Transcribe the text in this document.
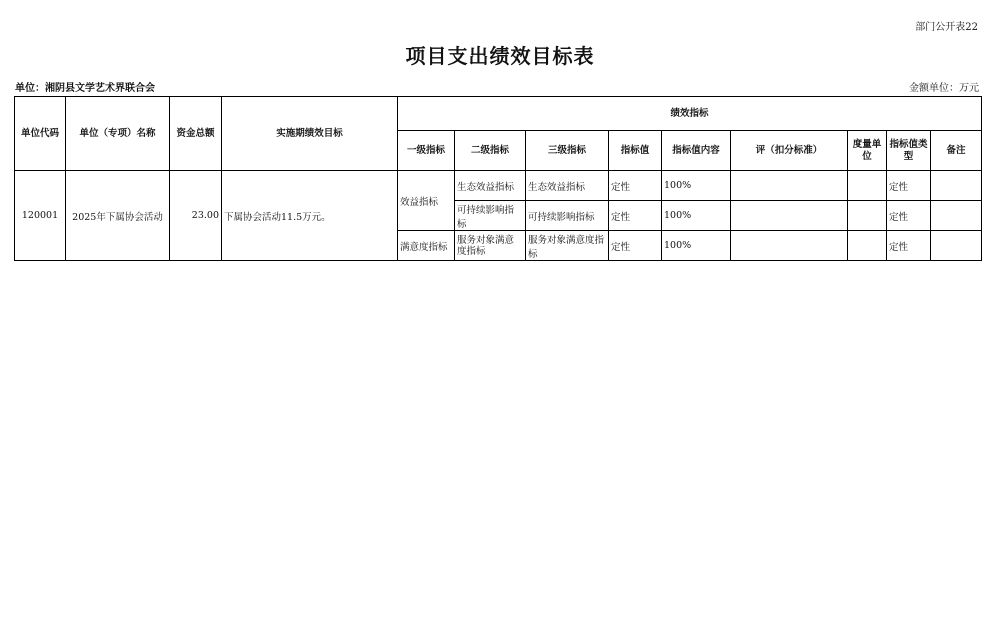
部门公开表22
项目支出绩效目标表
单位：湘阴县文学艺术界联合会	金额单位：万元
单位代码	单位（专项）名称	资金总额	实施期绩效目标	绩效指标								
				一级指标	二级指标	三级指标	指标值	指标值内容	评（扣分标准）	度量单位	指标值类型	备注
120001	2025年下属协会活动	23.00	下属协会活动11.5万元。	效益指标	生态效益指标	生态效益指标	定性	100%			定性	
					可持续影响指标	可持续影响指标	定性	100%			定性	
				满意度指标	服务对象满意度指标	服务对象满意度指标	定性	100%			定性	
